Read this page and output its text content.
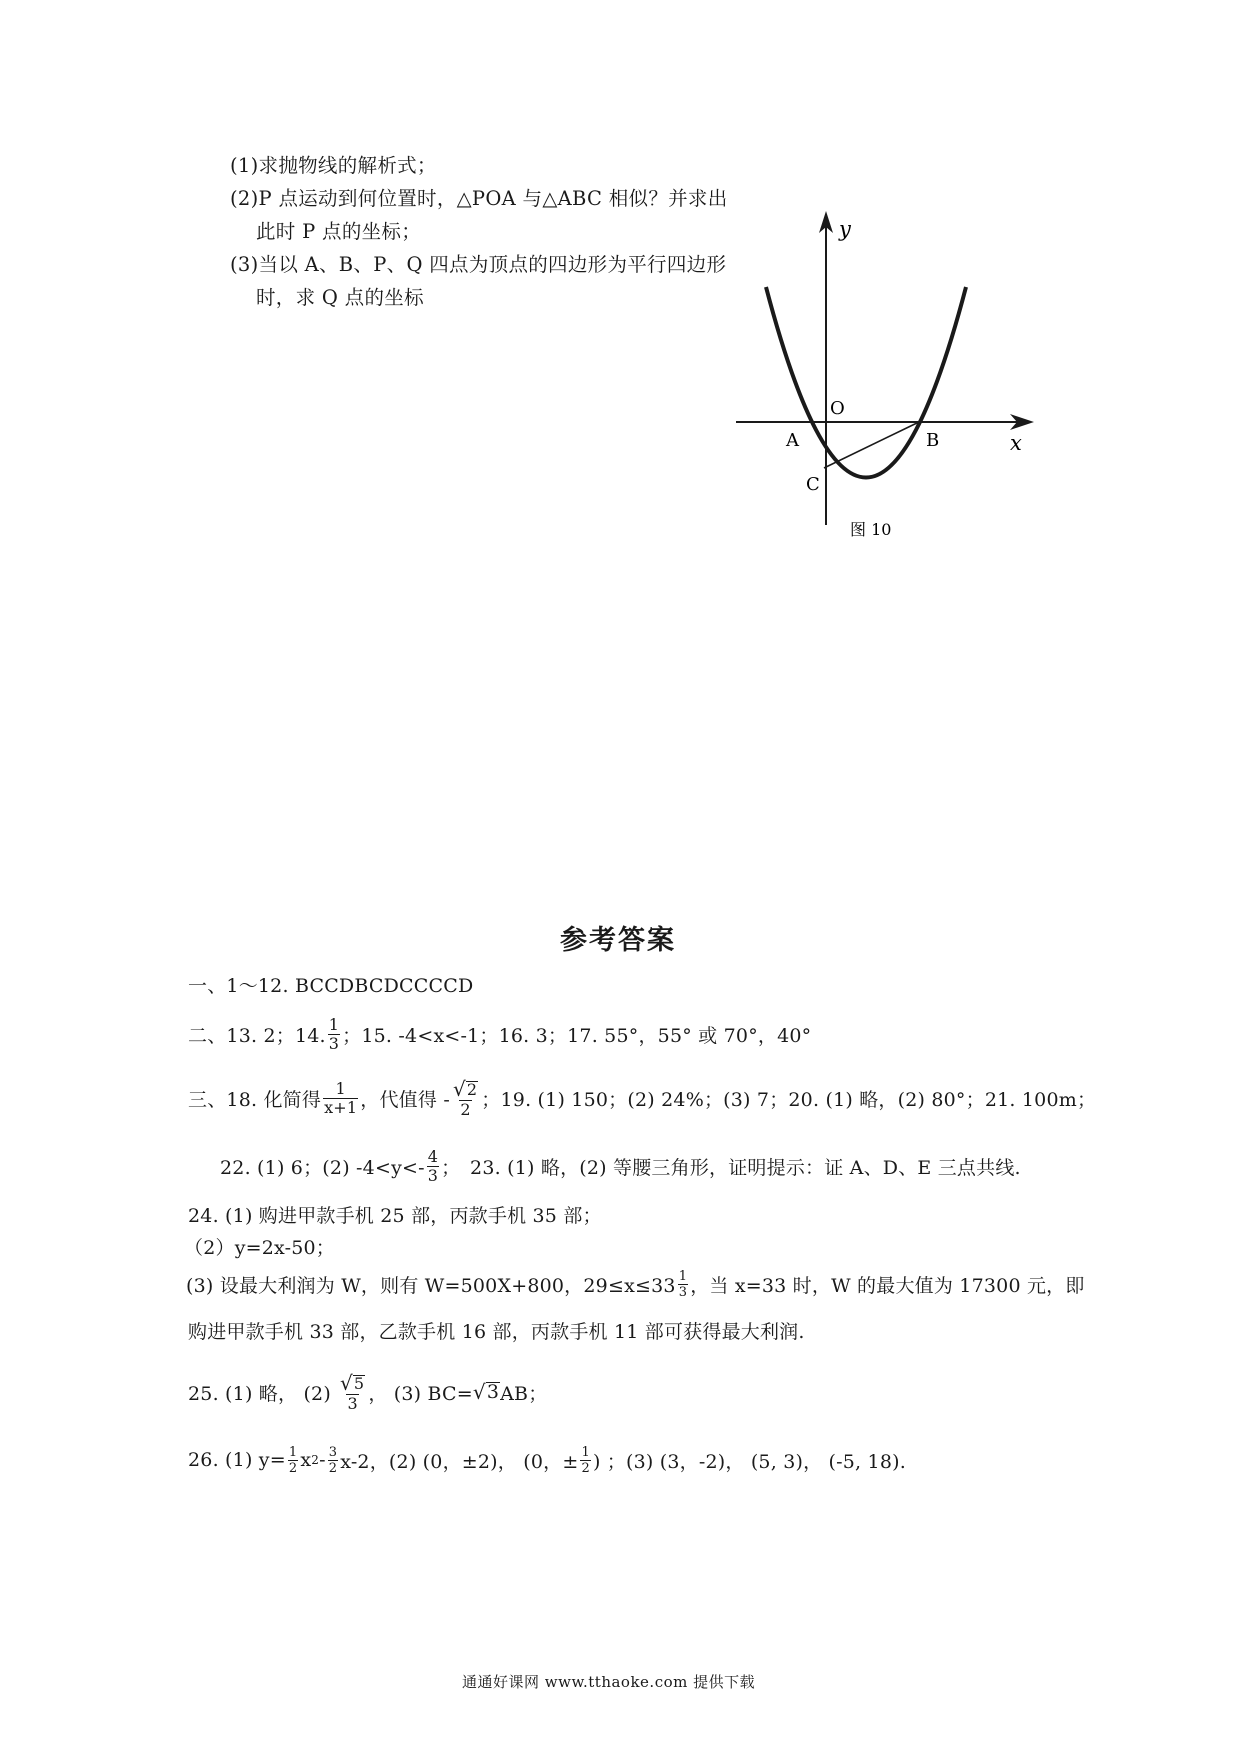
(1)求抛物线的解析式；
(2)P 点运动到何位置时，△POA 与△ABC 相似？并求出
此时 P 点的坐标；
(3)当以 A、B、P、Q 四点为顶点的四边形为平行四边形
时，求 Q 点的坐标
y
x
O
A	B
C
图 10
参考答案
一、1～12. BCCDBCDCCCCD
二、13. 2；14. $\frac{1}{3}$ ；15. -4<x<-1；16. 3；17. 55°，55° 或 70°，40°
三、18. 化简得 $\frac{1}{x+1}$ ，代值得 - $\frac{√ 2}{2}$ ；19. (1) 150；(2) 24%；(3) 7；20. (1) 略，(2) 80°；21. 100m；
22. (1) 6；(2) $-4<y<- \frac{4}{3}$ ；　23. (1) 略，(2) 等腰三角形，证明提示：证 A、D、E 三点共线.
24. (1) 购进甲款手机 25 部，丙款手机 35 部；
（2）y=2x-50；
(3) 设最大利润为 W，则有 W=500X+800，$29\le x\le 33 \frac{1}{3}$ ，当 x=33 时，W 的最大值为 17300 元，即
购进甲款手机 33 部，乙款手机 16 部，丙款手机 11 部可获得最大利润.
25. (1) 略， $(2) \frac{√ 5}{3}$ ， (3) BC= √ 3 AB；
26. (1) $y= \frac{1}{2}$ x $2 - \frac{3}{2} x-2$，(2) (0，±2)， (0，± $\frac{1}{2}$ ) ；(3) (3，-2)， (5, 3)， (-5, 18).
通通好课网 www.tthaoke.com 提供下载
